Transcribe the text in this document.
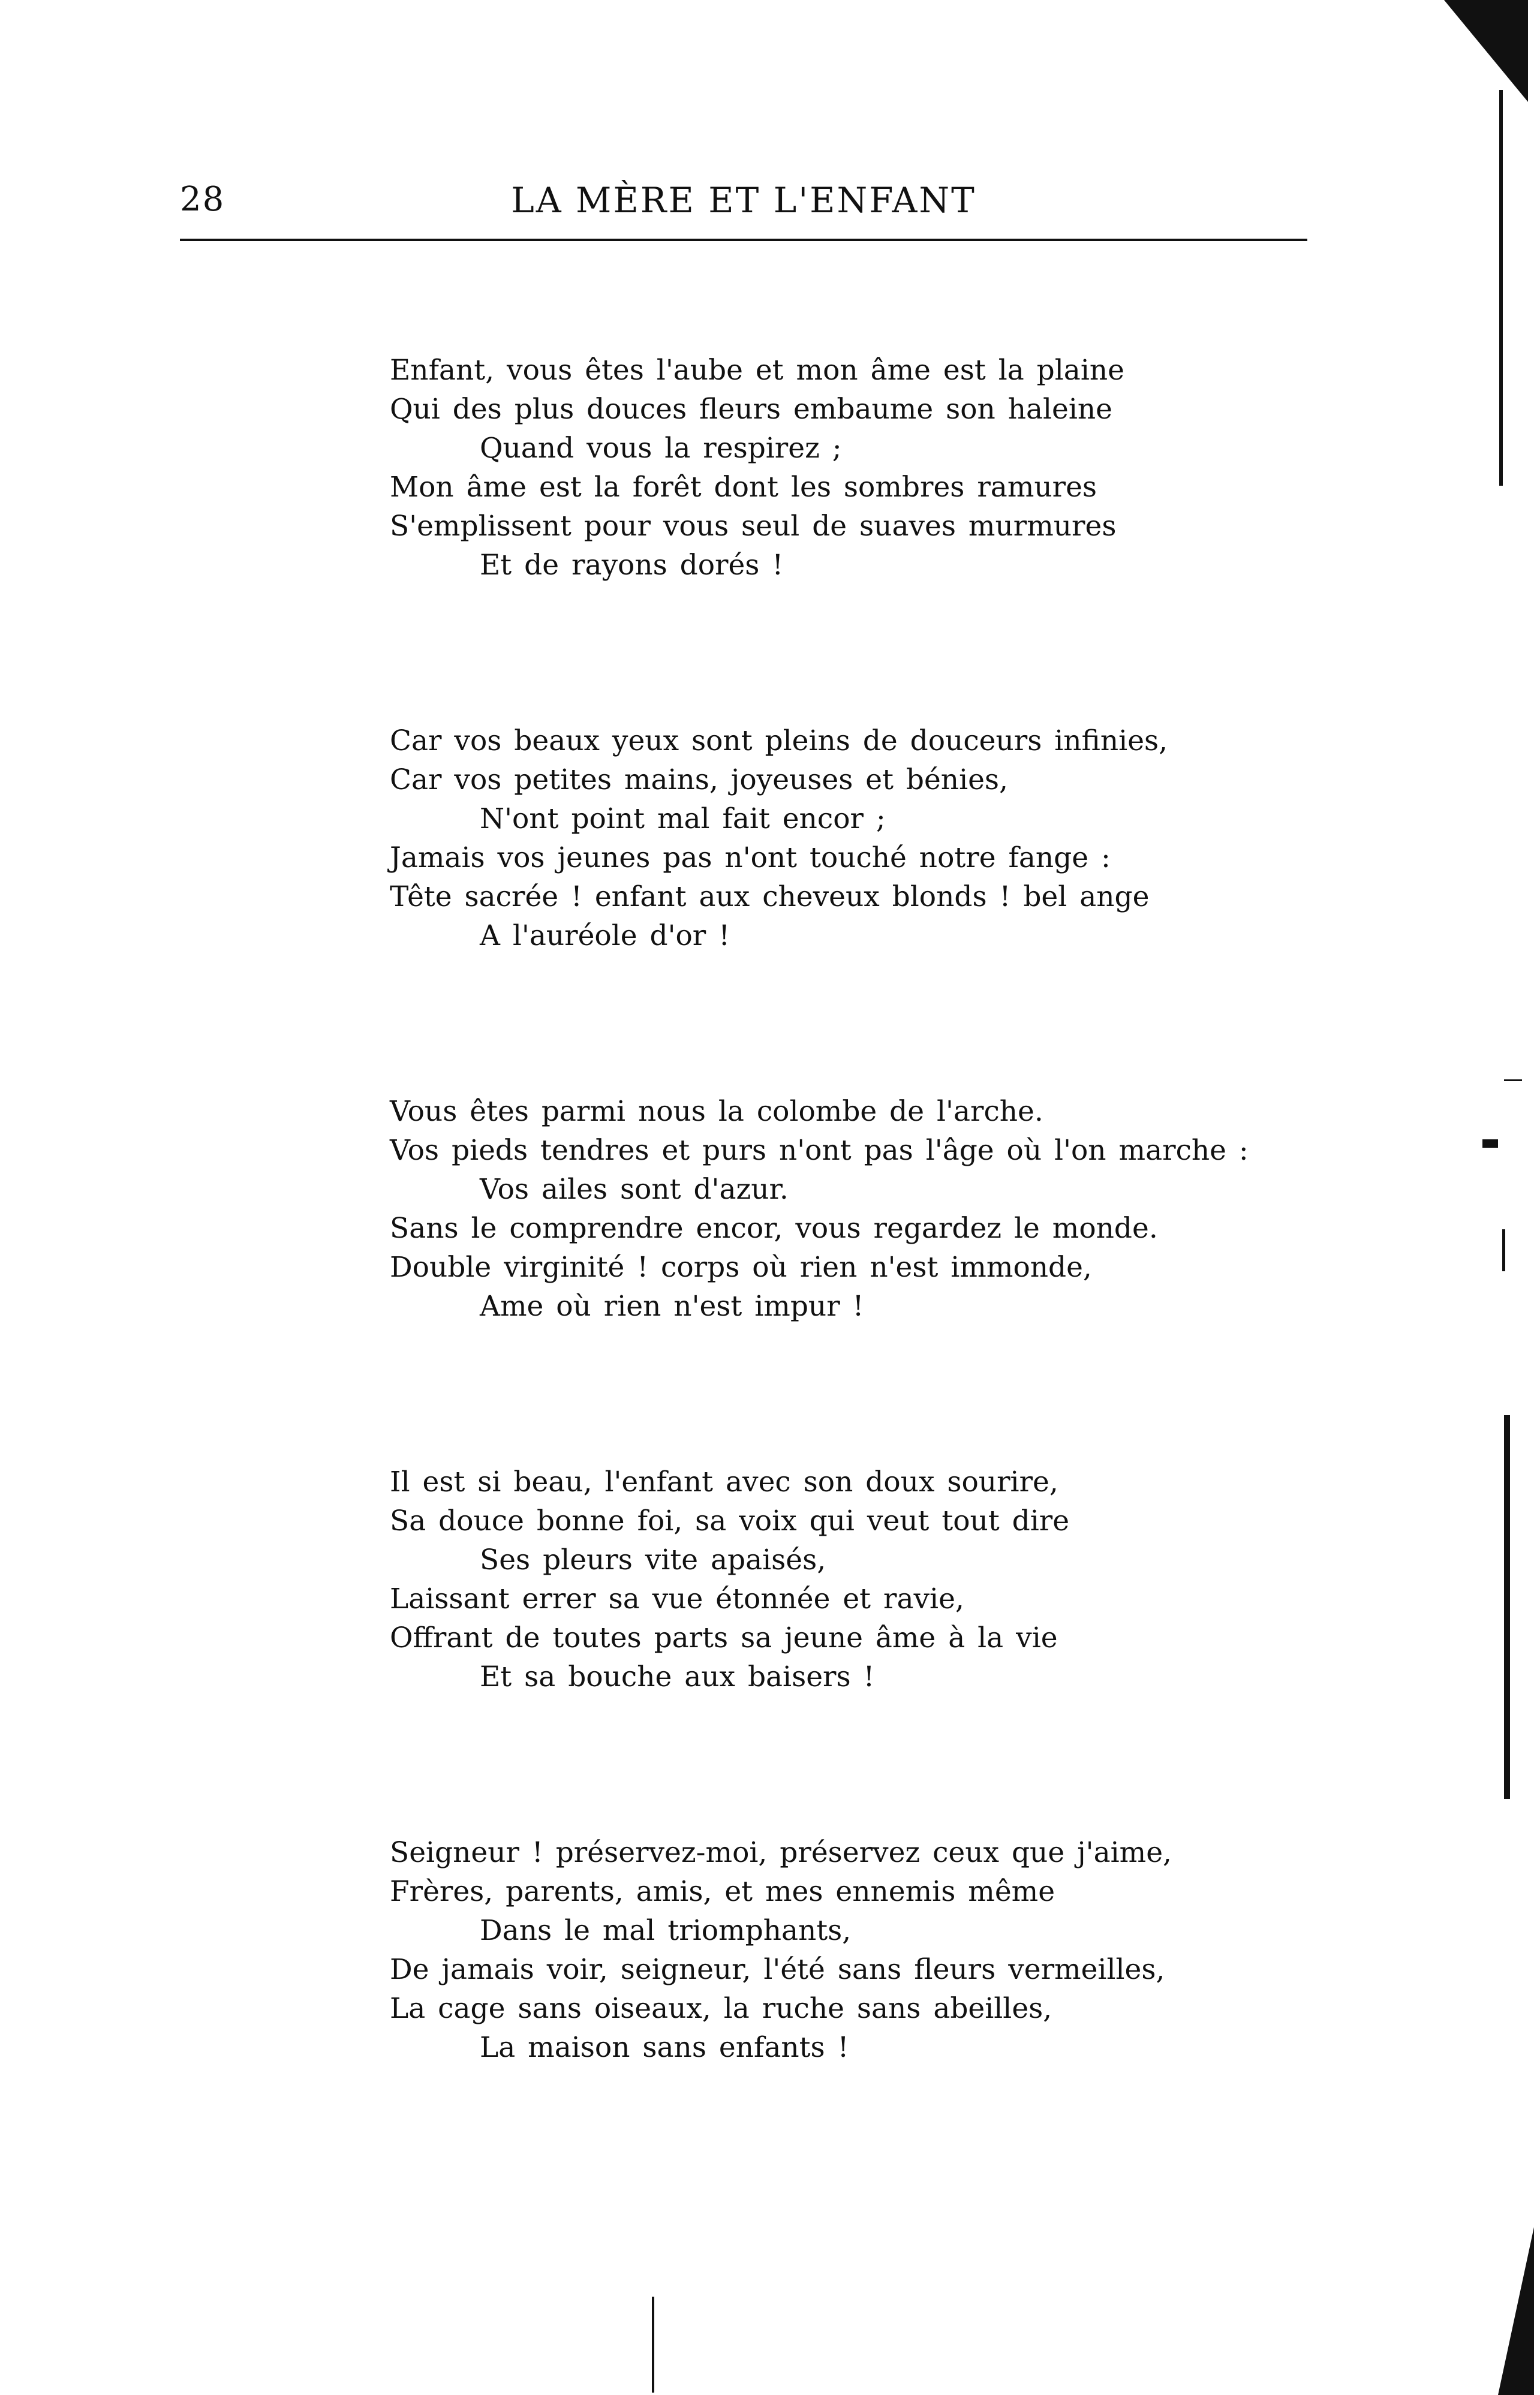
28	LA MÈRE ET L'ENFANT
Enfant, vous êtes l'aube et mon âme est la plaine
Qui des plus douces fleurs embaume son haleine
Quand vous la respirez ;
Mon âme est la forêt dont les sombres ramures
S'emplissent pour vous seul de suaves murmures
Et de rayons dorés !
Car vos beaux yeux sont pleins de douceurs infinies,
Car vos petites mains, joyeuses et bénies,
N'ont point mal fait encor ;
Jamais vos jeunes pas n'ont touché notre fange :
Tête sacrée ! enfant aux cheveux blonds ! bel ange
A l'auréole d'or !
Vous êtes parmi nous la colombe de l'arche.
Vos pieds tendres et purs n'ont pas l'âge où l'on marche :
Vos ailes sont d'azur.
Sans le comprendre encor, vous regardez le monde.
Double virginité ! corps où rien n'est immonde,
Ame où rien n'est impur !
Il est si beau, l'enfant avec son doux sourire,
Sa douce bonne foi, sa voix qui veut tout dire
Ses pleurs vite apaisés,
Laissant errer sa vue étonnée et ravie,
Offrant de toutes parts sa jeune âme à la vie
Et sa bouche aux baisers !
Seigneur ! préservez-moi, préservez ceux que j'aime,
Frères, parents, amis, et mes ennemis même
Dans le mal triomphants,
De jamais voir, seigneur, l'été sans fleurs vermeilles,
La cage sans oiseaux, la ruche sans abeilles,
La maison sans enfants !
